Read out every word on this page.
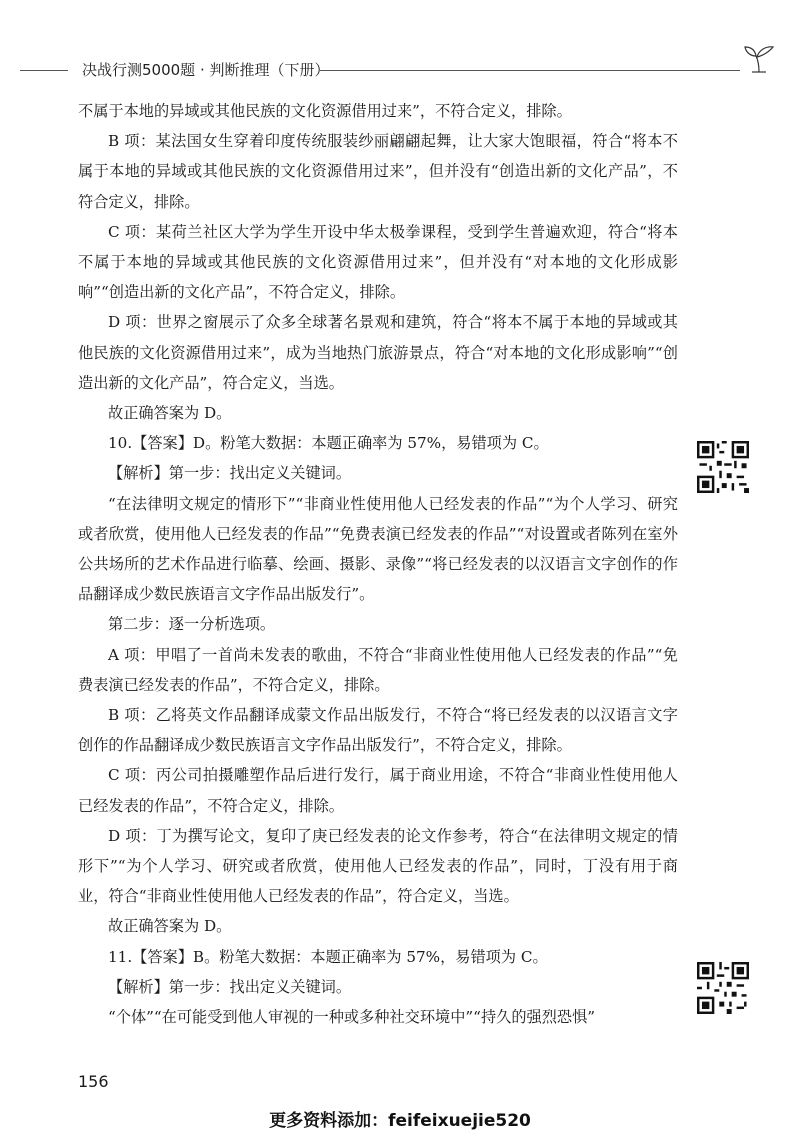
决战行测5000题 · 判断推理（下册）

不属于本地的异域或其他民族的文化资源借用过来”，不符合定义，排除。

B 项：某法国女生穿着印度传统服装纱丽翩翩起舞，让大家大饱眼福，符合“将本不属于本地的异域或其他民族的文化资源借用过来”，但并没有“创造出新的文化产品”，不符合定义，排除。

C 项：某荷兰社区大学为学生开设中华太极拳课程，受到学生普遍欢迎，符合“将本不属于本地的异域或其他民族的文化资源借用过来”，但并没有“对本地的文化形成影响”“创造出新的文化产品”，不符合定义，排除。

D 项：世界之窗展示了众多全球著名景观和建筑，符合“将本不属于本地的异域或其他民族的文化资源借用过来”，成为当地热门旅游景点，符合“对本地的文化形成影响”“创造出新的文化产品”，符合定义，当选。

故正确答案为 D。

10.【答案】D。粉笔大数据：本题正确率为 57%，易错项为 C。

【解析】第一步：找出定义关键词。

“在法律明文规定的情形下”“非商业性使用他人已经发表的作品”“为个人学习、研究或者欣赏，使用他人已经发表的作品”“免费表演已经发表的作品”“对设置或者陈列在室外公共场所的艺术作品进行临摹、绘画、摄影、录像”“将已经发表的以汉语言文字创作的作品翻译成少数民族语言文字作品出版发行”。

第二步：逐一分析选项。

A 项：甲唱了一首尚未发表的歌曲，不符合“非商业性使用他人已经发表的作品”“免费表演已经发表的作品”，不符合定义，排除。

B 项：乙将英文作品翻译成蒙文作品出版发行，不符合“将已经发表的以汉语言文字创作的作品翻译成少数民族语言文字作品出版发行”，不符合定义，排除。

C 项：丙公司拍摄雕塑作品后进行发行，属于商业用途，不符合“非商业性使用他人已经发表的作品”，不符合定义，排除。

D 项：丁为撰写论文，复印了庚已经发表的论文作参考，符合“在法律明文规定的情形下”“为个人学习、研究或者欣赏，使用他人已经发表的作品”，同时，丁没有用于商业，符合“非商业性使用他人已经发表的作品”，符合定义，当选。

故正确答案为 D。

11.【答案】B。粉笔大数据：本题正确率为 57%，易错项为 C。

【解析】第一步：找出定义关键词。

“个体”“在可能受到他人审视的一种或多种社交环境中”“持久的强烈恐惧”

156
更多资料添加：feifeixuejie520
